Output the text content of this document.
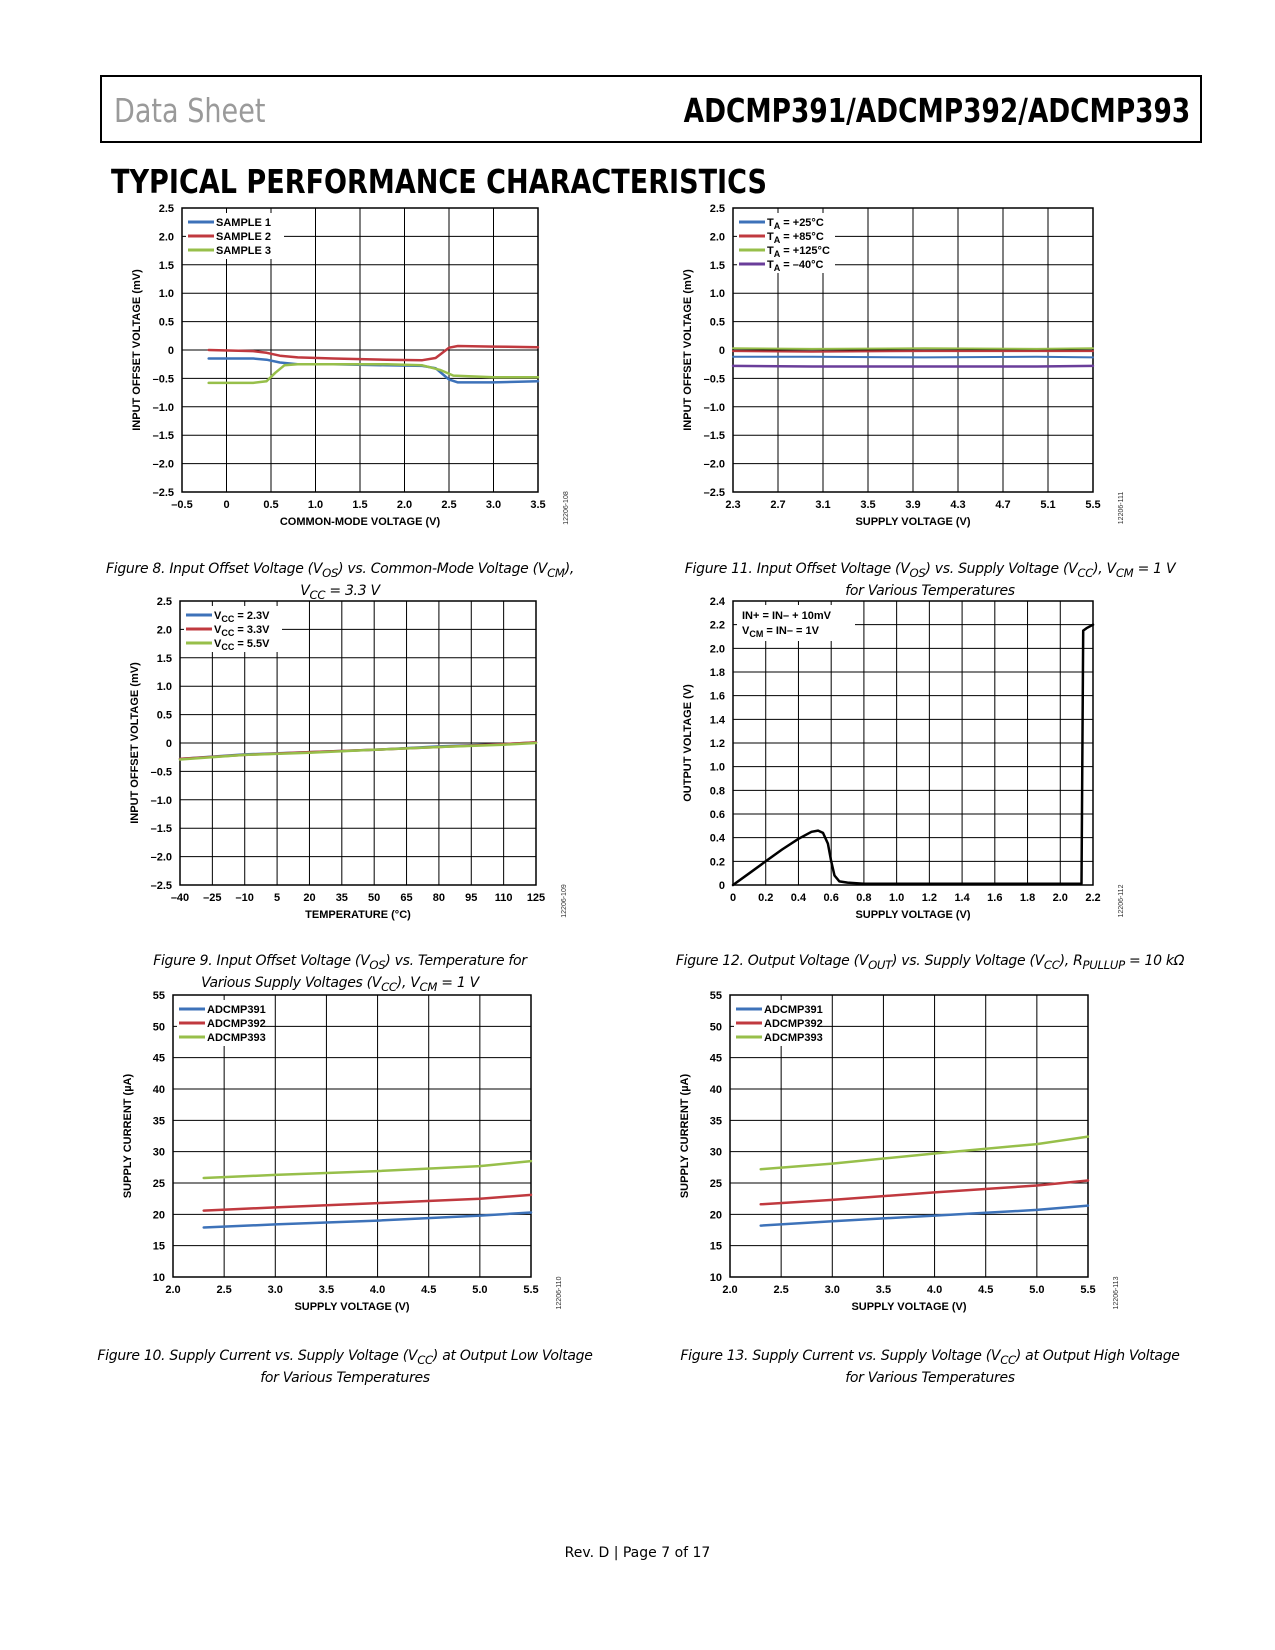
Data Sheet	ADCMP391/ADCMP392/ADCMP393
TYPICAL PERFORMANCE CHARACTERISTICS
–0.5	0	0.5	1.0	1.5	2.0	2.5	3.0	3.5
–2.5
–2.0
–1.5
–1.0
–0.5
0
0.5
1.0
1.5
2.0
2.5
COMMON-MODE VOLTAGE (V)
INPUT OFFSET VOLTAGE (mV)
12206-108
SAMPLE 1
SAMPLE 2
SAMPLE 3
2.3	2.7	3.1	3.5	3.9	4.3	4.7	5.1	5.5
–2.5
–2.0
–1.5
–1.0
–0.5
0
0.5
1.0
1.5
2.0
2.5
SUPPLY VOLTAGE (V)
INPUT OFFSET VOLTAGE (mV)
12206-111
$T_A = +25^\circ C$
$T_A = +85^\circ C$
$T_A = +125^\circ C$
$T_A = -40^\circ C$
–40 –25 –10 5 20 35 50 65 80 95 110 125
–2.5
–2.0
–1.5
–1.0
–0.5
0
0.5
1.0
1.5
2.0
2.5
TEMPERATURE (°C)
INPUT OFFSET VOLTAGE (mV)
12206-109
$V_{CC} = 2.3V$
$V_{CC} = 3.3V$
$V_{CC} = 5.5V$
0 0.2 0.4 0.6 0.8 1.0 1.2 1.4 1.6 1.8 2.0 2.2
0
0.2
0.4
0.6
0.8
1.0
1.2
1.4
1.6
1.8
2.0
2.2
2.4
SUPPLY VOLTAGE (V)
OUTPUT VOLTAGE (V)
12206-112
IN+ = IN– + 10mV
$V_{CM} = IN- = 1V$
2.0	2.5	3.0	3.5	4.0	4.5	5.0	5.5
10
15
20
25
30
35
40
45
50
55
SUPPLY VOLTAGE (V)
SUPPLY CURRENT (µA)
12206-110
ADCMP391
ADCMP392
ADCMP393
2.0	2.5	3.0	3.5	4.0	4.5	5.0	5.5
10
15
20
25
30
35
40
45
50
55
SUPPLY VOLTAGE (V)
SUPPLY CURRENT (µA)
12206-113
ADCMP391
ADCMP392
ADCMP393
Figure 8. Input Offset Voltage $(V_{OS})$ vs. Common-Mode Voltage $(V_{CM})$,
$V_{CC} = 3.3$ V
Figure 11. Input Offset Voltage $(V_{OS})$ vs. Supply Voltage $(V_{CC})$, $V_{CM} = 1$ V
for Various Temperatures
Figure 9. Input Offset Voltage $(V_{OS})$ vs. Temperature for
Various Supply Voltages $(V_{CC})$, $V_{CM} = 1$ V
Figure 12. Output Voltage $(V_{OUT})$ vs. Supply Voltage $(V_{CC})$, $R_{PULLUP} = 10$ kΩ
Figure 10. Supply Current vs. Supply Voltage $(V_{CC})$ at Output Low Voltage
for Various Temperatures
Figure 13. Supply Current vs. Supply Voltage $(V_{CC})$ at Output High Voltage
for Various Temperatures
Rev. D | Page 7 of 17
